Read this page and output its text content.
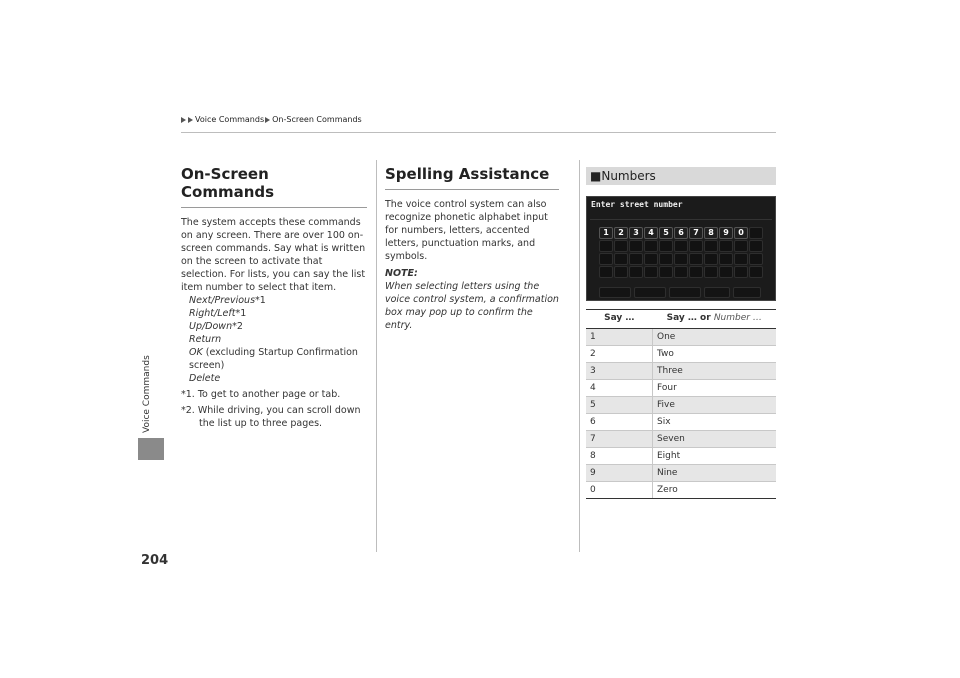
Voice Commands On-Screen Commands
Voice Commands
204
On-Screen Commands

The system accepts these commands on any screen. There are over 100 on-screen commands. Say what is written on the screen to activate that selection. For lists, you can say the list item number to select that item.

Next/Previous*1
Right/Left*1
Up/Down*2
Return
OK (excluding Startup Confirmation screen)
Delete
*1. To get to another page or tab.
*2. While driving, you can scroll down the list up to three pages.
Spelling Assistance

The voice control system can also recognize phonetic alphabet input for numbers, letters, accented letters, punctuation marks, and symbols.

NOTE:

When selecting letters using the voice control system, a confirmation box may pop up to confirm the entry.

■Numbers
Enter street number
1	2	3	4	5	6	7	8	9	0
Say …	Say … or Number …
1	One
2	Two
3	Three
4	Four
5	Five
6	Six
7	Seven
8	Eight
9	Nine
0	Zero
